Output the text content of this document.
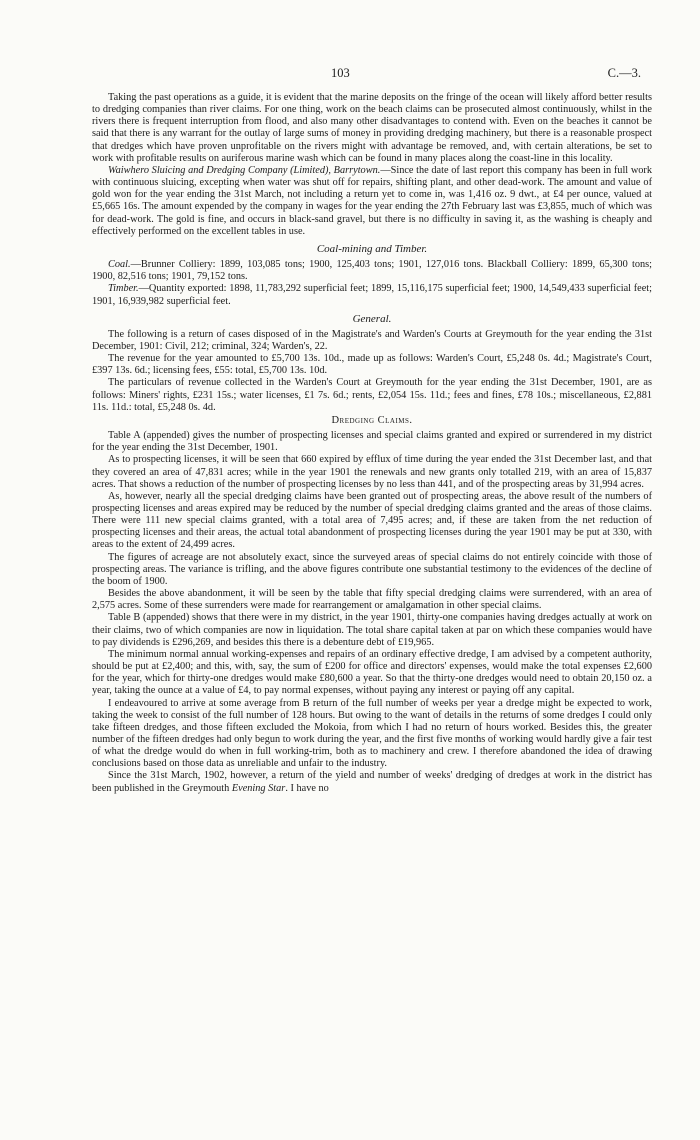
103	C.—3.

Taking the past operations as a guide, it is evident that the marine deposits on the fringe of the ocean will likely afford better results to dredging companies than river claims. For one thing, work on the beach claims can be prosecuted almost continuously, whilst in the rivers there is frequent interruption from flood, and also many other disadvantages to contend with. Even on the beaches it cannot be said that there is any warrant for the outlay of large sums of money in providing dredging machinery, but there is a reasonable prospect that dredges which have proven unprofitable on the rivers might with advantage be removed, and, with certain alterations, be set to work with profitable results on auriferous marine wash which can be found in many places along the coast-line in this locality.

Waiwhero Sluicing and Dredging Company (Limited), Barrytown.—Since the date of last report this company has been in full work with continuous sluicing, excepting when water was shut off for repairs, shifting plant, and other dead-work. The amount and value of gold won for the year ending the 31st March, not including a return yet to come in, was 1,416 oz. 9 dwt., at £4 per ounce, valued at £5,665 16s. The amount expended by the company in wages for the year ending the 27th February last was £3,855, much of which was for dead-work. The gold is fine, and occurs in black-sand gravel, but there is no difficulty in saving it, as the washing is cheaply and effectively performed on the excellent tables in use.

Coal-mining and Timber.

Coal.—Brunner Colliery: 1899, 103,085 tons; 1900, 125,403 tons; 1901, 127,016 tons. Blackball Colliery: 1899, 65,300 tons; 1900, 82,516 tons; 1901, 79,152 tons.

Timber.—Quantity exported: 1898, 11,783,292 superficial feet; 1899, 15,116,175 superficial feet; 1900, 14,549,433 superficial feet; 1901, 16,939,982 superficial feet.

General.

The following is a return of cases disposed of in the Magistrate's and Warden's Courts at Greymouth for the year ending the 31st December, 1901: Civil, 212; criminal, 324; Warden's, 22.

The revenue for the year amounted to £5,700 13s. 10d., made up as follows: Warden's Court, £5,248 0s. 4d.; Magistrate's Court, £397 13s. 6d.; licensing fees, £55: total, £5,700 13s. 10d.

The particulars of revenue collected in the Warden's Court at Greymouth for the year ending the 31st December, 1901, are as follows: Miners' rights, £231 15s.; water licenses, £1 7s. 6d.; rents, £2,054 15s. 11d.; fees and fines, £78 10s.; miscellaneous, £2,881 11s. 11d.: total, £5,248 0s. 4d.

Dredging Claims.

Table A (appended) gives the number of prospecting licenses and special claims granted and expired or surrendered in my district for the year ending the 31st December, 1901.

As to prospecting licenses, it will be seen that 660 expired by efflux of time during the year ended the 31st December last, and that they covered an area of 47,831 acres; while in the year 1901 the renewals and new grants only totalled 219, with an area of 15,837 acres. That shows a reduction of the number of prospecting licenses by no less than 441, and of the prospecting areas by 31,994 acres.

As, however, nearly all the special dredging claims have been granted out of prospecting areas, the above result of the numbers of prospecting licenses and areas expired may be reduced by the number of special dredging claims granted and the areas of those claims. There were 111 new special claims granted, with a total area of 7,495 acres; and, if these are taken from the net reduction of prospecting licenses and their areas, the actual total abandonment of prospecting licenses during the year 1901 may be put at 330, with areas to the extent of 24,499 acres.

The figures of acreage are not absolutely exact, since the surveyed areas of special claims do not entirely coincide with those of prospecting areas. The variance is trifling, and the above figures contribute one substantial testimony to the evidences of the decline of the boom of 1900.

Besides the above abandonment, it will be seen by the table that fifty special dredging claims were surrendered, with an area of 2,575 acres. Some of these surrenders were made for rearrangement or amalgamation in other special claims.

Table B (appended) shows that there were in my district, in the year 1901, thirty-one companies having dredges actually at work on their claims, two of which companies are now in liquidation. The total share capital taken at par on which these companies would have to pay dividends is £296,269, and besides this there is a debenture debt of £19,965.

The minimum normal annual working-expenses and repairs of an ordinary effective dredge, I am advised by a competent authority, should be put at £2,400; and this, with, say, the sum of £200 for office and directors' expenses, would make the total expenses £2,600 for the year, which for thirty-one dredges would make £80,600 a year. So that the thirty-one dredges would need to obtain 20,150 oz. a year, taking the ounce at a value of £4, to pay normal expenses, without paying any interest or paying off any capital.

I endeavoured to arrive at some average from B return of the full number of weeks per year a dredge might be expected to work, taking the week to consist of the full number of 128 hours. But owing to the want of details in the returns of some dredges I could only take fifteen dredges, and those fifteen excluded the Mokoia, from which I had no return of hours worked. Besides this, the greater number of the fifteen dredges had only begun to work during the year, and the first five months of working would hardly give a fair test of what the dredge would do when in full working-trim, both as to machinery and crew. I therefore abandoned the idea of drawing conclusions based on those data as unreliable and unfair to the industry.

Since the 31st March, 1902, however, a return of the yield and number of weeks' dredging of dredges at work in the district has been published in the Greymouth Evening Star. I have no
